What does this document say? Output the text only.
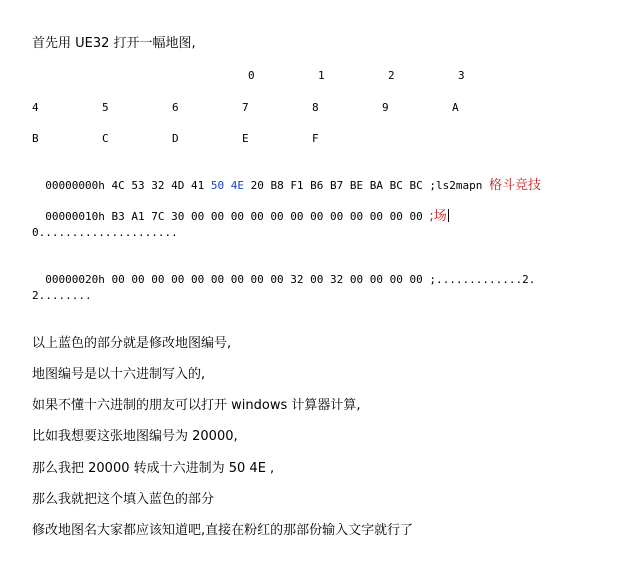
首先用 UE32 打开一幅地图,
0	1	2	3
4	5	6	7	8	9	A
B	C	D	E	F

00000000h 4C 53 32 4D 41 50 4E 20 B8 F1 B6 B7 BE BA BC BC ;ls2mapn 格斗竞技

00000010h B3 A1 7C 30 00 00 00 00 00 00 00 00 00 00 00 00 ;场

0.....................

00000020h 00 00 00 00 00 00 00 00 00 32 00 32 00 00 00 00 ;.............2.

2........
以上蓝色的部分就是修改地图编号,
地图编号是以十六进制写入的,
如果不懂十六进制的朋友可以打开 windows 计算器计算,
比如我想要这张地图编号为 20000,
那么我把 20000 转成十六进制为 50 4E ,
那么我就把这个填入蓝色的部分
修改地图名大家都应该知道吧,直接在粉红的那部份输入文字就行了
